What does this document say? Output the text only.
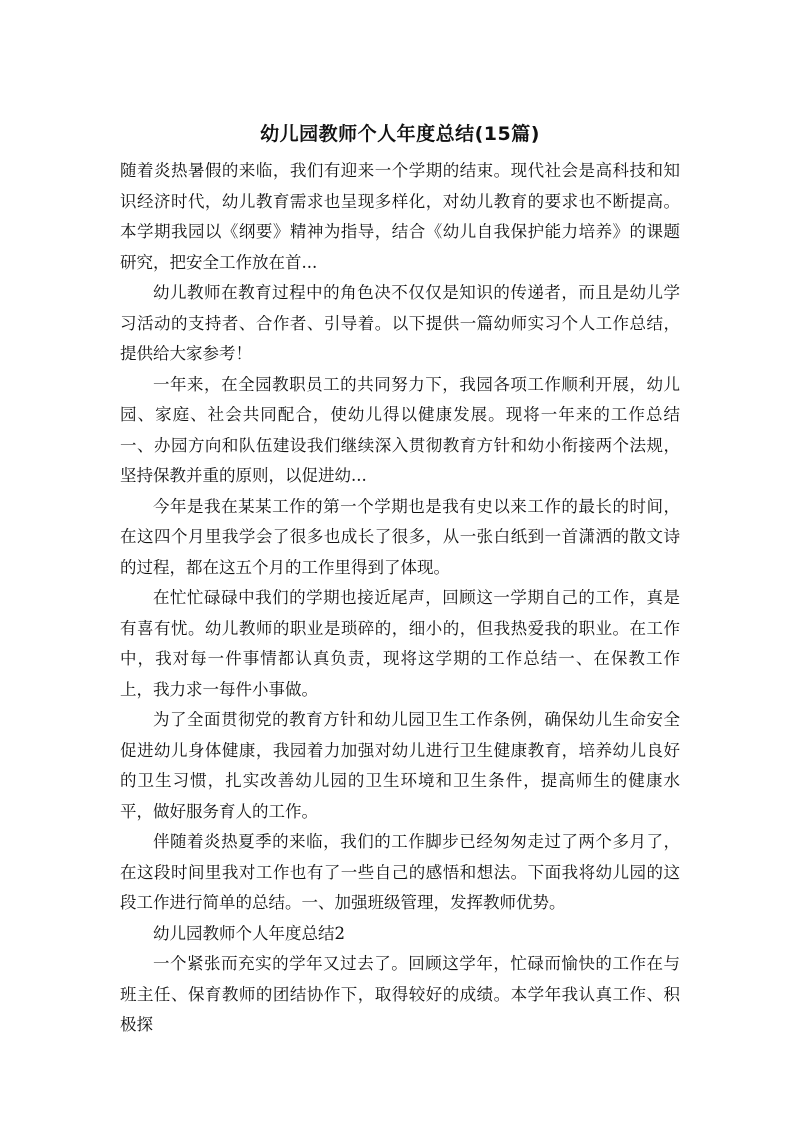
幼儿园教师个人年度总结(15篇)

随着炎热暑假的来临，我们有迎来一个学期的结束。现代社会是高科技和知识经济时代，幼儿教育需求也呈现多样化，对幼儿教育的要求也不断提高。本学期我园以《纲要》精神为指导，结合《幼儿自我保护能力培养》的课题研究，把安全工作放在首...

幼儿教师在教育过程中的角色决不仅仅是知识的传递者，而且是幼儿学习活动的支持者、合作者、引导着。以下提供一篇幼师实习个人工作总结，提供给大家参考！

一年来，在全园教职员工的共同努力下，我园各项工作顺利开展，幼儿园、家庭、社会共同配合，使幼儿得以健康发展。现将一年来的工作总结一、办园方向和队伍建设我们继续深入贯彻教育方针和幼小衔接两个法规，坚持保教并重的原则，以促进幼...

今年是我在某某工作的第一个学期也是我有史以来工作的最长的时间，在这四个月里我学会了很多也成长了很多，从一张白纸到一首潇洒的散文诗的过程，都在这五个月的工作里得到了体现。

在忙忙碌碌中我们的学期也接近尾声，回顾这一学期自己的工作，真是有喜有忧。幼儿教师的职业是琐碎的，细小的，但我热爱我的职业。在工作中，我对每一件事情都认真负责，现将这学期的工作总结一、在保教工作上，我力求一每件小事做。

为了全面贯彻党的教育方针和幼儿园卫生工作条例，确保幼儿生命安全促进幼儿身体健康，我园着力加强对幼儿进行卫生健康教育，培养幼儿良好的卫生习惯，扎实改善幼儿园的卫生环境和卫生条件，提高师生的健康水平，做好服务育人的工作。

伴随着炎热夏季的来临，我们的工作脚步已经匆匆走过了两个多月了，在这段时间里我对工作也有了一些自己的感悟和想法。下面我将幼儿园的这段工作进行简单的总结。一、加强班级管理，发挥教师优势。

幼儿园教师个人年度总结2

一个紧张而充实的学年又过去了。回顾这学年，忙碌而愉快的工作在与班主任、保育教师的团结协作下，取得较好的成绩。本学年我认真工作、积极探
